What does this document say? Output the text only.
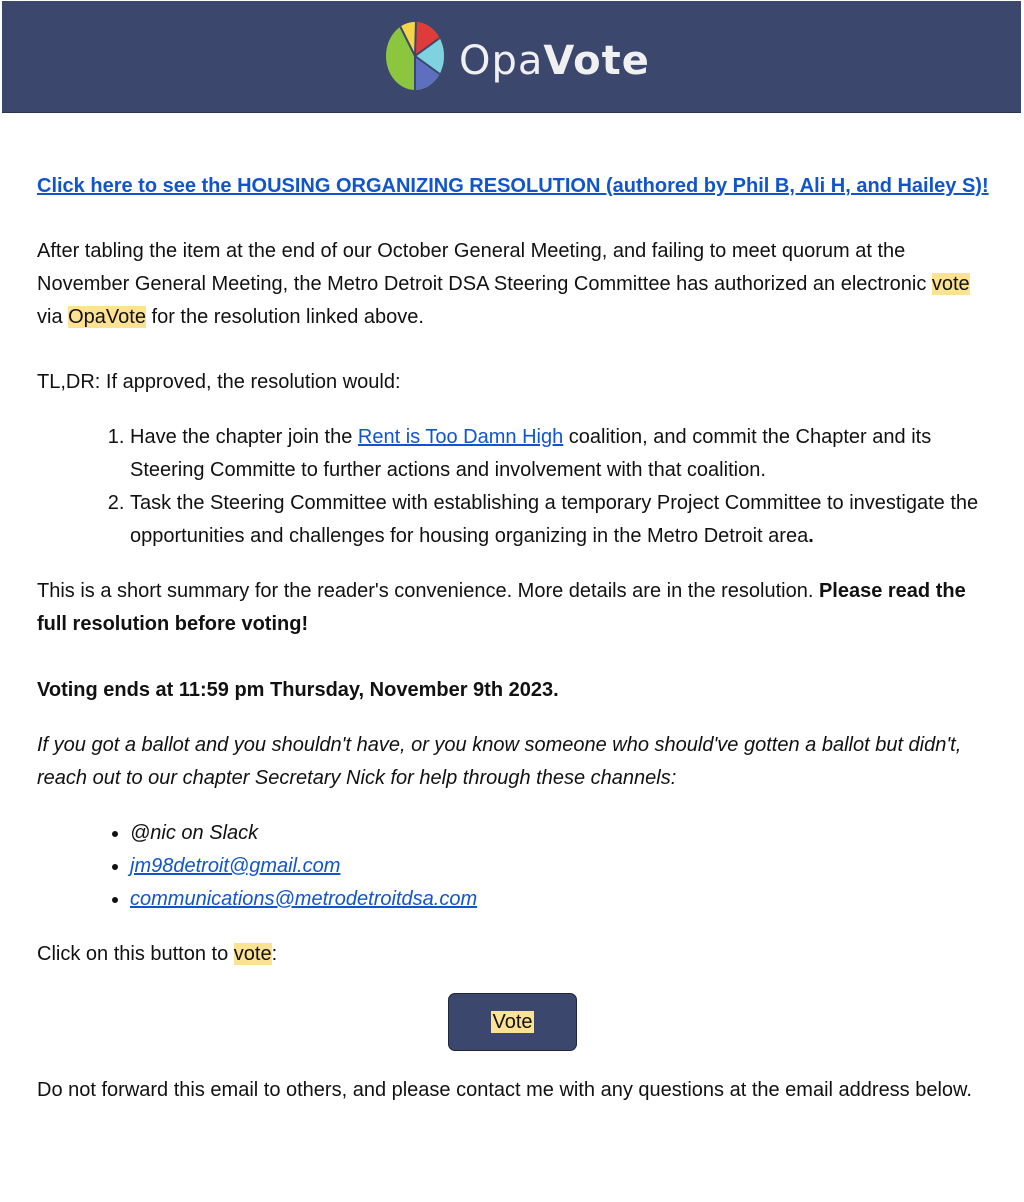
OpaVote
Click here to see the HOUSING ORGANIZING RESOLUTION (authored by Phil B, Ali H, and Hailey S)!

After tabling the item at the end of our October General Meeting, and failing to meet quorum at the November General Meeting, the Metro Detroit DSA Steering Committee has authorized an electronic vote via OpaVote for the resolution linked above.

TL,DR: If approved, the resolution would:

1. Have the chapter join the Rent is Too Damn High coalition, and commit the Chapter and its Steering Committe to further actions and involvement with that coalition.
2. Task the Steering Committee with establishing a temporary Project Committee to investigate the opportunities and challenges for housing organizing in the Metro Detroit area.

This is a short summary for the reader's convenience. More details are in the resolution. Please read the full resolution before voting!

Voting ends at 11:59 pm Thursday, November 9th 2023.

If you got a ballot and you shouldn't have, or you know someone who should've gotten a ballot but didn't, reach out to our chapter Secretary Nick for help through these channels:

• @nic on Slack
• jm98detroit@gmail.com
• communications@metrodetroitdsa.com

Click on this button to vote:

Vote

Do not forward this email to others, and please contact me with any questions at the email address below.
